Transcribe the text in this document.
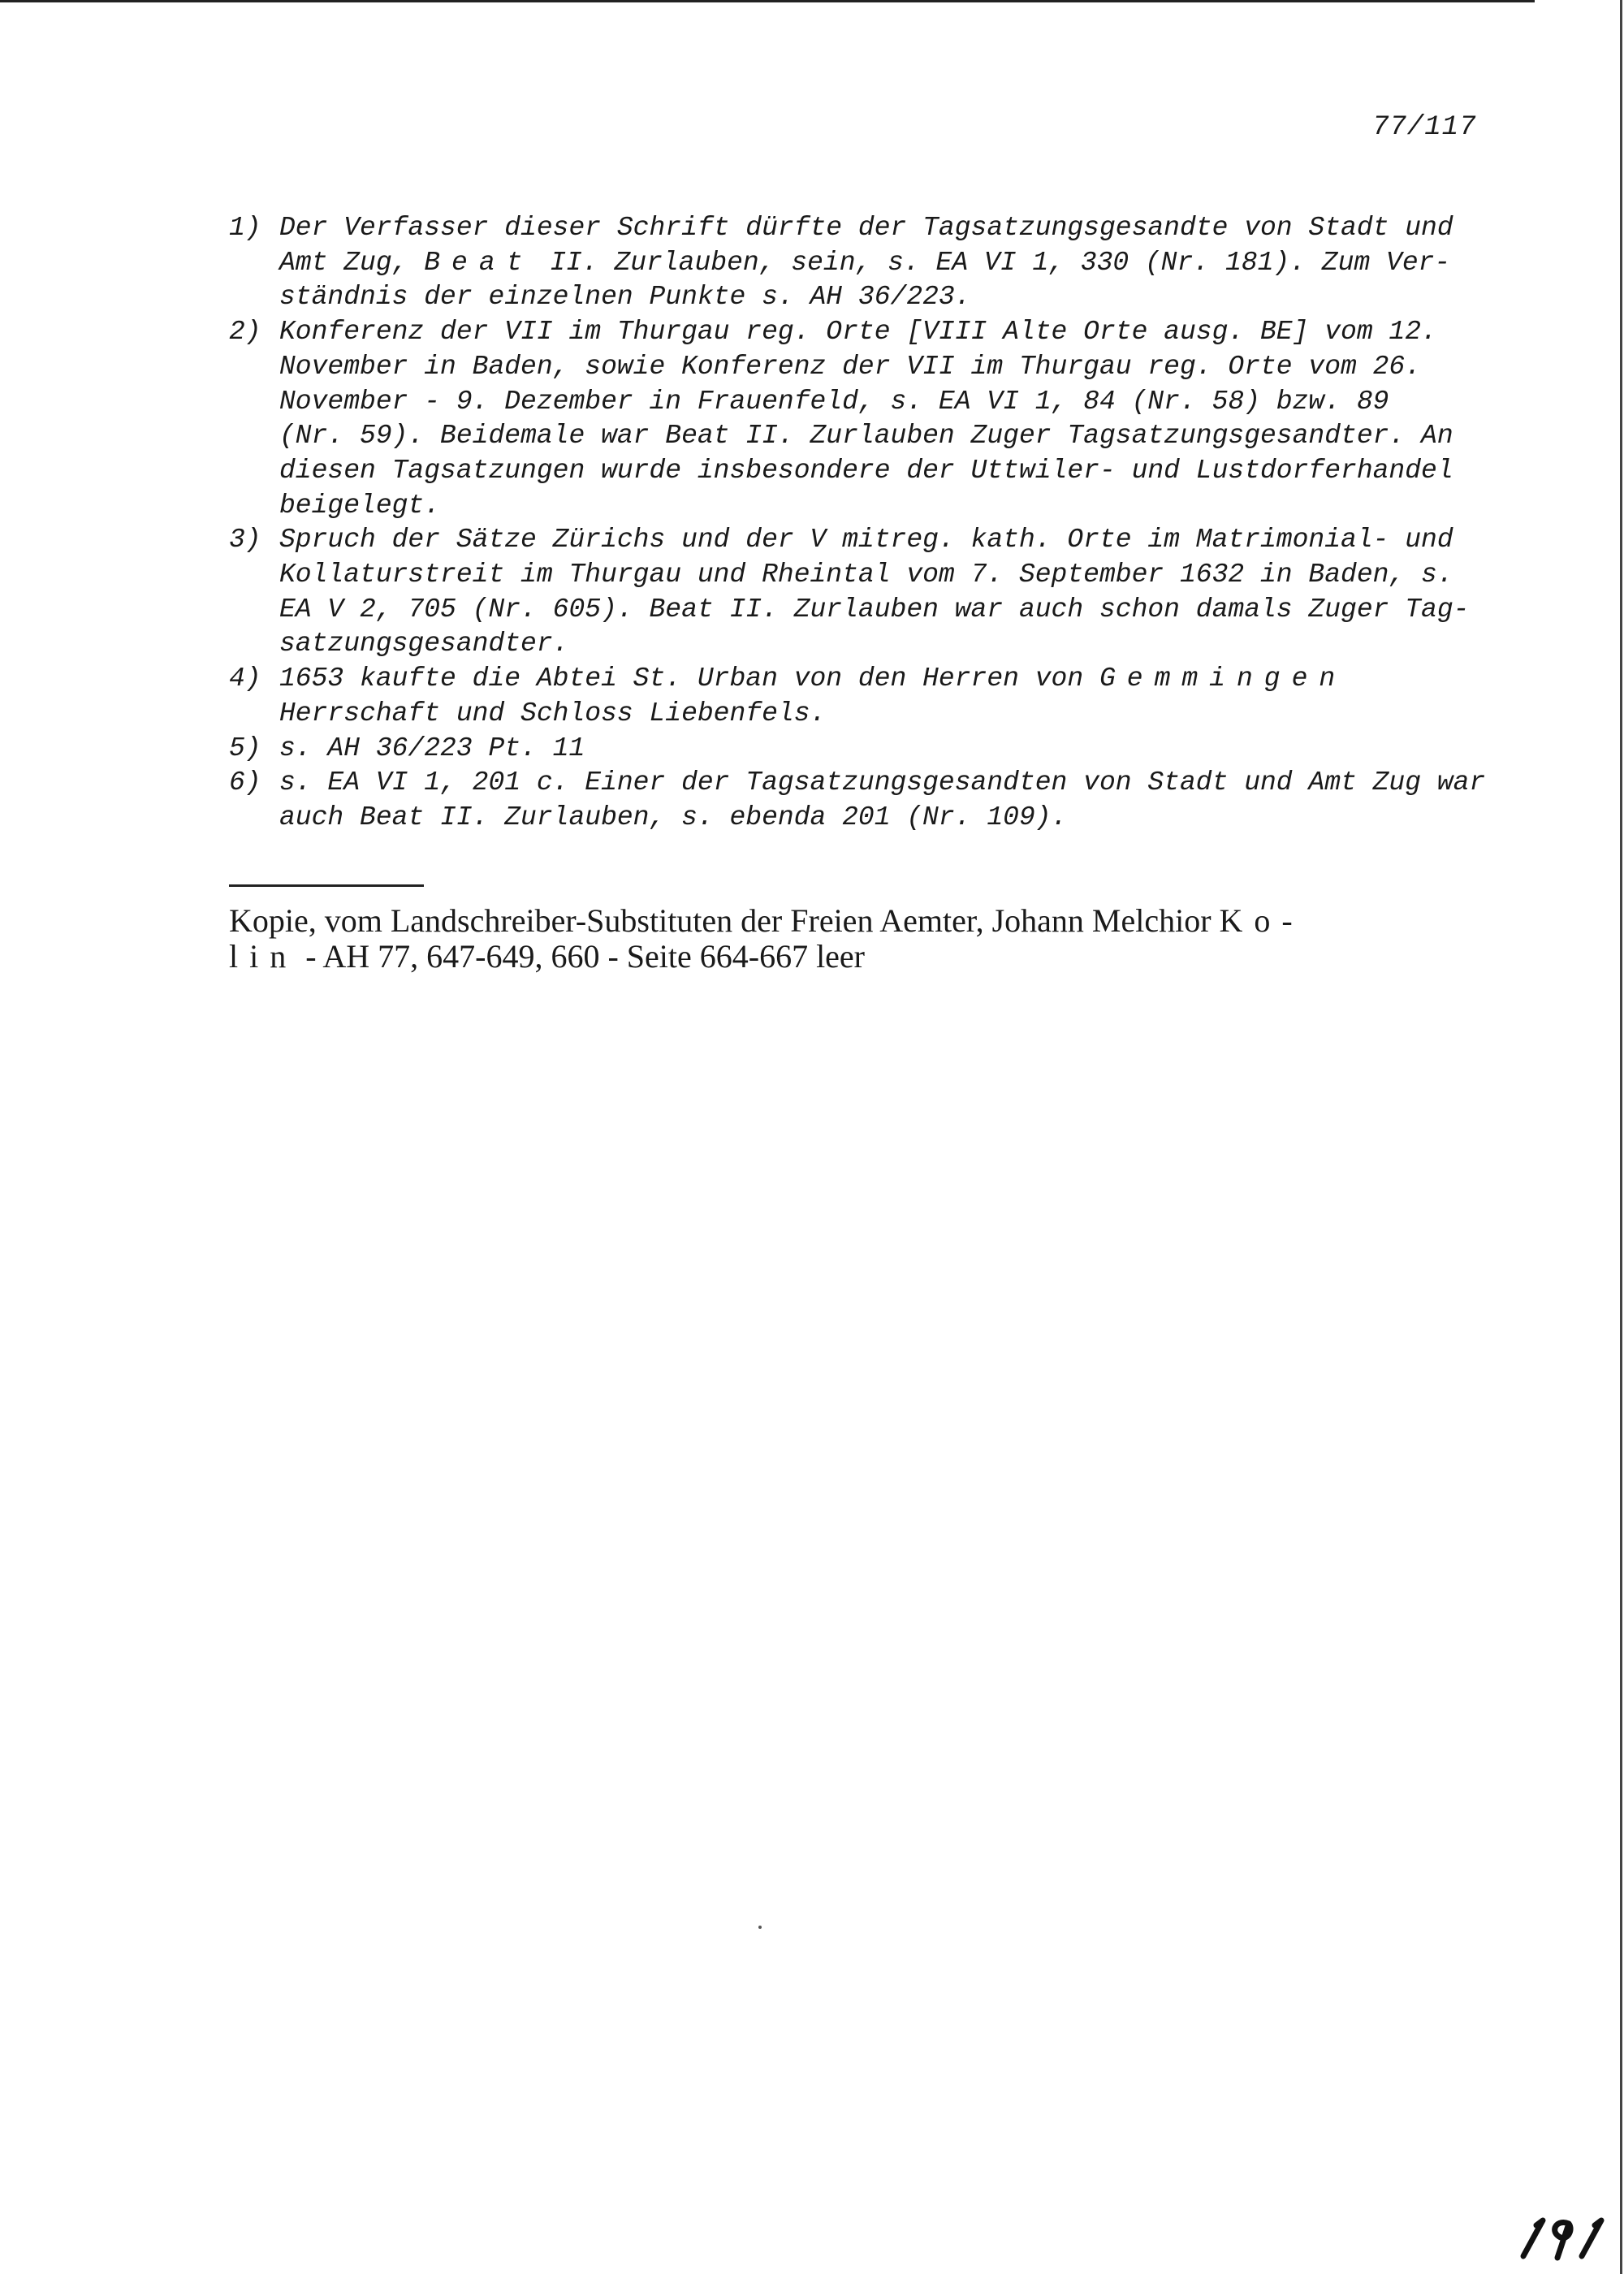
77/117
1) Der Verfasser dieser Schrift dürfte der Tagsatzungsgesandte von Stadt und
Amt Zug, Beat II. Zurlauben, sein, s. EA VI 1, 330 (Nr. 181). Zum Ver-
ständnis der einzelnen Punkte s. AH 36/223.
2) Konferenz der VII im Thurgau reg. Orte [VIII Alte Orte ausg. BE] vom 12.
November in Baden, sowie Konferenz der VII im Thurgau reg. Orte vom 26.
November - 9. Dezember in Frauenfeld, s. EA VI 1, 84 (Nr. 58) bzw. 89
(Nr. 59). Beidemale war Beat II. Zurlauben Zuger Tagsatzungsgesandter. An
diesen Tagsatzungen wurde insbesondere der Uttwiler- und Lustdorferhandel
beigelegt.
3) Spruch der Sätze Zürichs und der V mitreg. kath. Orte im Matrimonial- und
Kollaturstreit im Thurgau und Rheintal vom 7. September 1632 in Baden, s.
EA V 2, 705 (Nr. 605). Beat II. Zurlauben war auch schon damals Zuger Tag-
satzungsgesandter.
4) 1653 kaufte die Abtei St. Urban von den Herren von Gemmingen
Herrschaft und Schloss Liebenfels.
5) s. AH 36/223 Pt. 11
6) s. EA VI 1, 201 c. Einer der Tagsatzungsgesandten von Stadt und Amt Zug war
auch Beat II. Zurlauben, s. ebenda 201 (Nr. 109).
Kopie, vom Landschreiber-Substituten der Freien Aemter, Johann Melchior Ko-
lin - AH 77, 647-649, 660 - Seite 664-667 leer
